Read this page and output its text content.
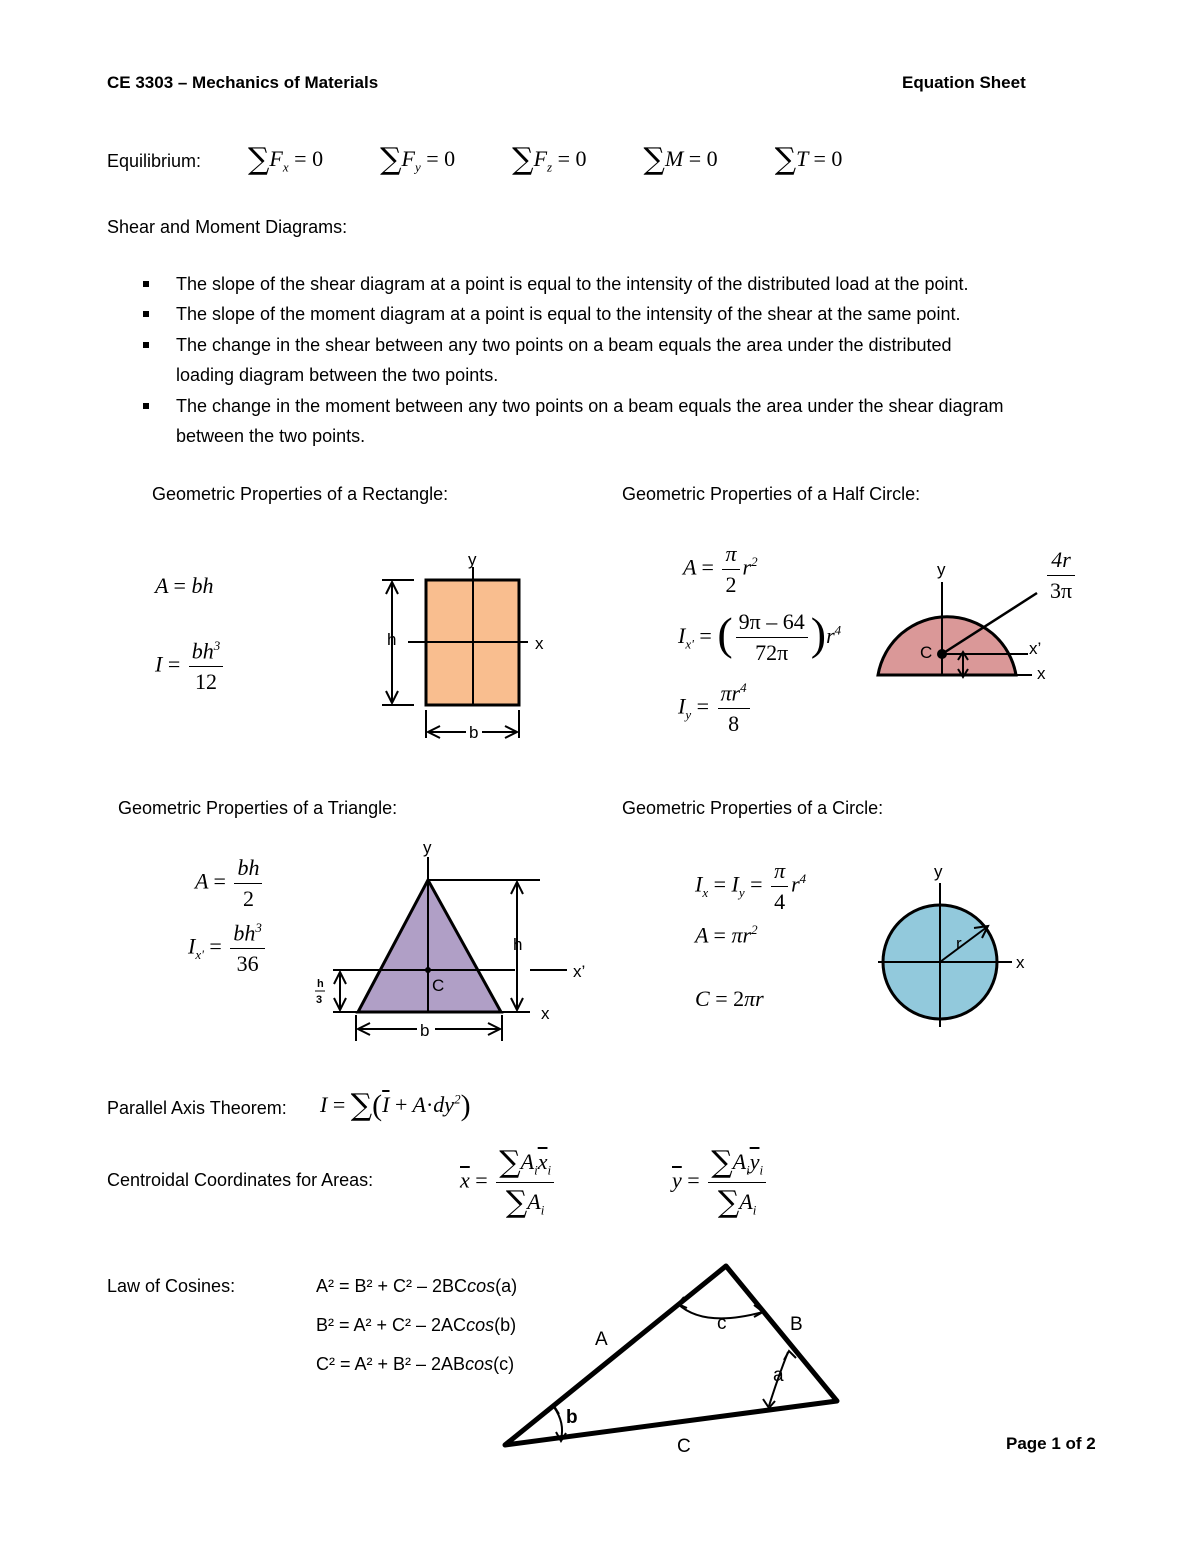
CE 3303 – Mechanics of Materials	Equation Sheet
Equilibrium: $\sum F_x = 0$ $\sum F_y = 0$ $\sum F_z = 0$ ∑M = 0 ∑T = 0
Shear and Moment Diagrams:
The slope of the shear diagram at a point is equal to the intensity of the distributed load at the point.
The slope of the moment diagram at a point is equal to the intensity of the shear at the same point.
The change in the shear between any two points on a beam equals the area under the distributed
loading diagram between the two points.
The change in the moment between any two points on a beam equals the area under the shear diagram
between the two points.
Geometric Properties of a Rectangle:
A = bh
$I = \frac{bh^3}{12}$
y
x
h
b
Geometric Properties of a Half Circle:
$A = \frac{\pi}{2} r^2$
$I_{x'}$ = ( $\frac{9\pi - 64}{72\pi} )r^4$
$I_y = \frac{\pi r^4}{8}$
y
C	x’
x
$\frac{4r}{3\pi}$
Geometric Properties of a Triangle:
$A = \frac{bh}{2}$
$I_{x'} = \frac{bh^3}{36}$
h
3
y
h
C
x’
x
b
Geometric Properties of a Circle:
$I_x = I_y = \frac{\pi}{4} r^4$
$A = \pi r^2$
C = 2πr
y
x
r
Parallel Axis Theorem: $I = \sum(\overline{I} + A\cdot dy^2)$
Centroidal Coordinates for Areas:	$\overline{x} = \frac{\sum A_i\overline{x}_i}{\sum A_i}$	$\overline{y} = \frac{\sum A_i\overline{y}_i}{\sum A_i}$
Law of Cosines:	A² = B² + C² – 2BCcos(a)
B² = A² + C² – 2ACcos(b)
C² = A² + B² – 2ABcos(c)
A
B
C
c
a
b
Page 1 of 2
